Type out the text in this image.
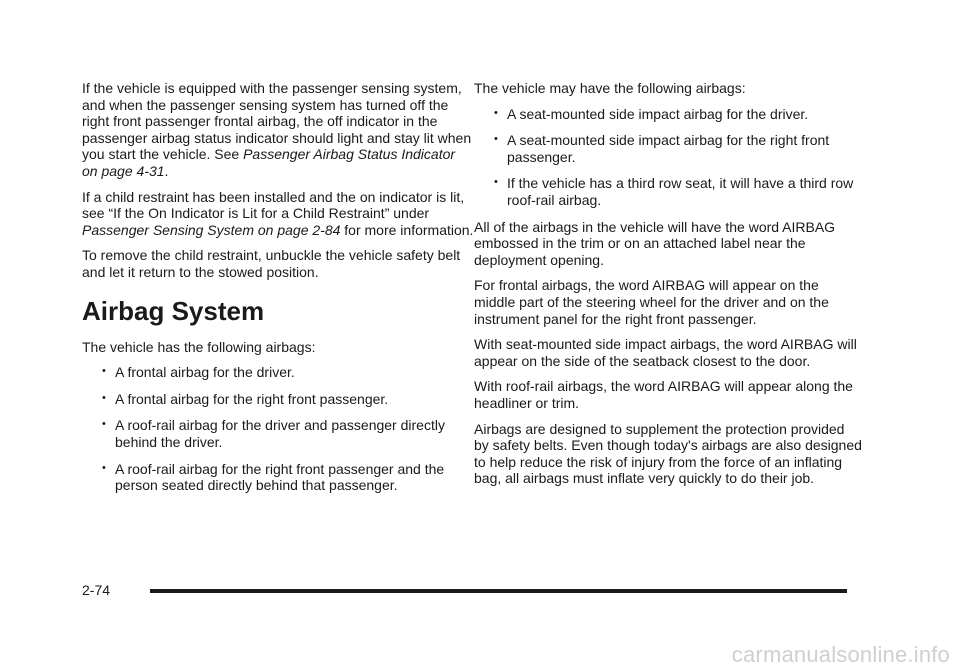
If the vehicle is equipped with the passenger sensing system, and when the passenger sensing system has turned off the right front passenger frontal airbag, the off indicator in the passenger airbag status indicator should light and stay lit when you start the vehicle. See Passenger Airbag Status Indicator on page 4-31.

If a child restraint has been installed and the on indicator is lit, see “If the On Indicator is Lit for a Child Restraint” under Passenger Sensing System on page 2-84 for more information.

To remove the child restraint, unbuckle the vehicle safety belt and let it return to the stowed position.

Airbag System

The vehicle has the following airbags:

• A frontal airbag for the driver.
• A frontal airbag for the right front passenger.
• A roof-rail airbag for the driver and passenger directly behind the driver.
• A roof-rail airbag for the right front passenger and the person seated directly behind that passenger.

The vehicle may have the following airbags:

• A seat-mounted side impact airbag for the driver.
• A seat-mounted side impact airbag for the right front passenger.
• If the vehicle has a third row seat, it will have a third row roof-rail airbag.

All of the airbags in the vehicle will have the word AIRBAG embossed in the trim or on an attached label near the deployment opening.

For frontal airbags, the word AIRBAG will appear on the middle part of the steering wheel for the driver and on the instrument panel for the right front passenger.

With seat-mounted side impact airbags, the word AIRBAG will appear on the side of the seatback closest to the door.

With roof-rail airbags, the word AIRBAG will appear along the headliner or trim.

Airbags are designed to supplement the protection provided by safety belts. Even though today's airbags are also designed to help reduce the risk of injury from the force of an inflating bag, all airbags must inflate very quickly to do their job.

2-74
carmanualsonline.info
